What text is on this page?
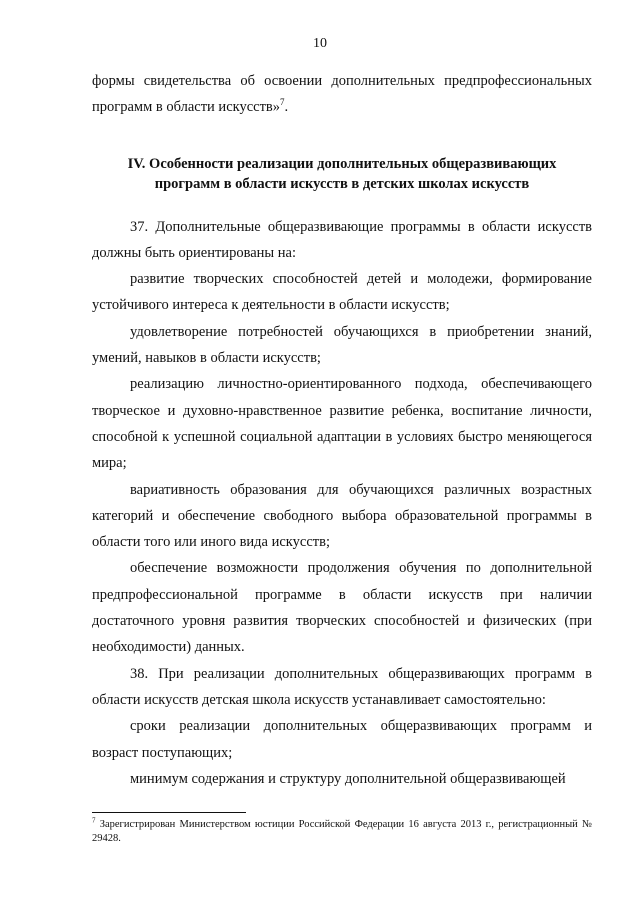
10

формы свидетельства об освоении дополнительных предпрофессиональных программ в области искусств»$^7$.

IV. Особенности реализации дополнительных общеразвивающих
программ в области искусств в детских школах искусств

37. Дополнительные общеразвивающие программы в области искусств должны быть ориентированы на:

развитие творческих способностей детей и молодежи, формирование устойчивого интереса к деятельности в области искусств;

удовлетворение потребностей обучающихся в приобретении знаний, умений, навыков в области искусств;

реализацию личностно-ориентированного подхода, обеспечивающего творческое и духовно-нравственное развитие ребенка, воспитание личности, способной к успешной социальной адаптации в условиях быстро меняющегося мира;

вариативность образования для обучающихся различных возрастных категорий и обеспечение свободного выбора образовательной программы в области того или иного вида искусств;

обеспечение возможности продолжения обучения по дополнительной предпрофессиональной программе в области искусств при наличии достаточного уровня развития творческих способностей и физических (при необходимости) данных.

38. При реализации дополнительных общеразвивающих программ в области искусств детская школа искусств устанавливает самостоятельно:

сроки реализации дополнительных общеразвивающих программ и возраст поступающих;

минимум содержания и структуру дополнительной общеразвивающей

$^7$ Зарегистрирован Министерством юстиции Российской Федерации 16 августа 2013 г., регистрационный № 29428.
